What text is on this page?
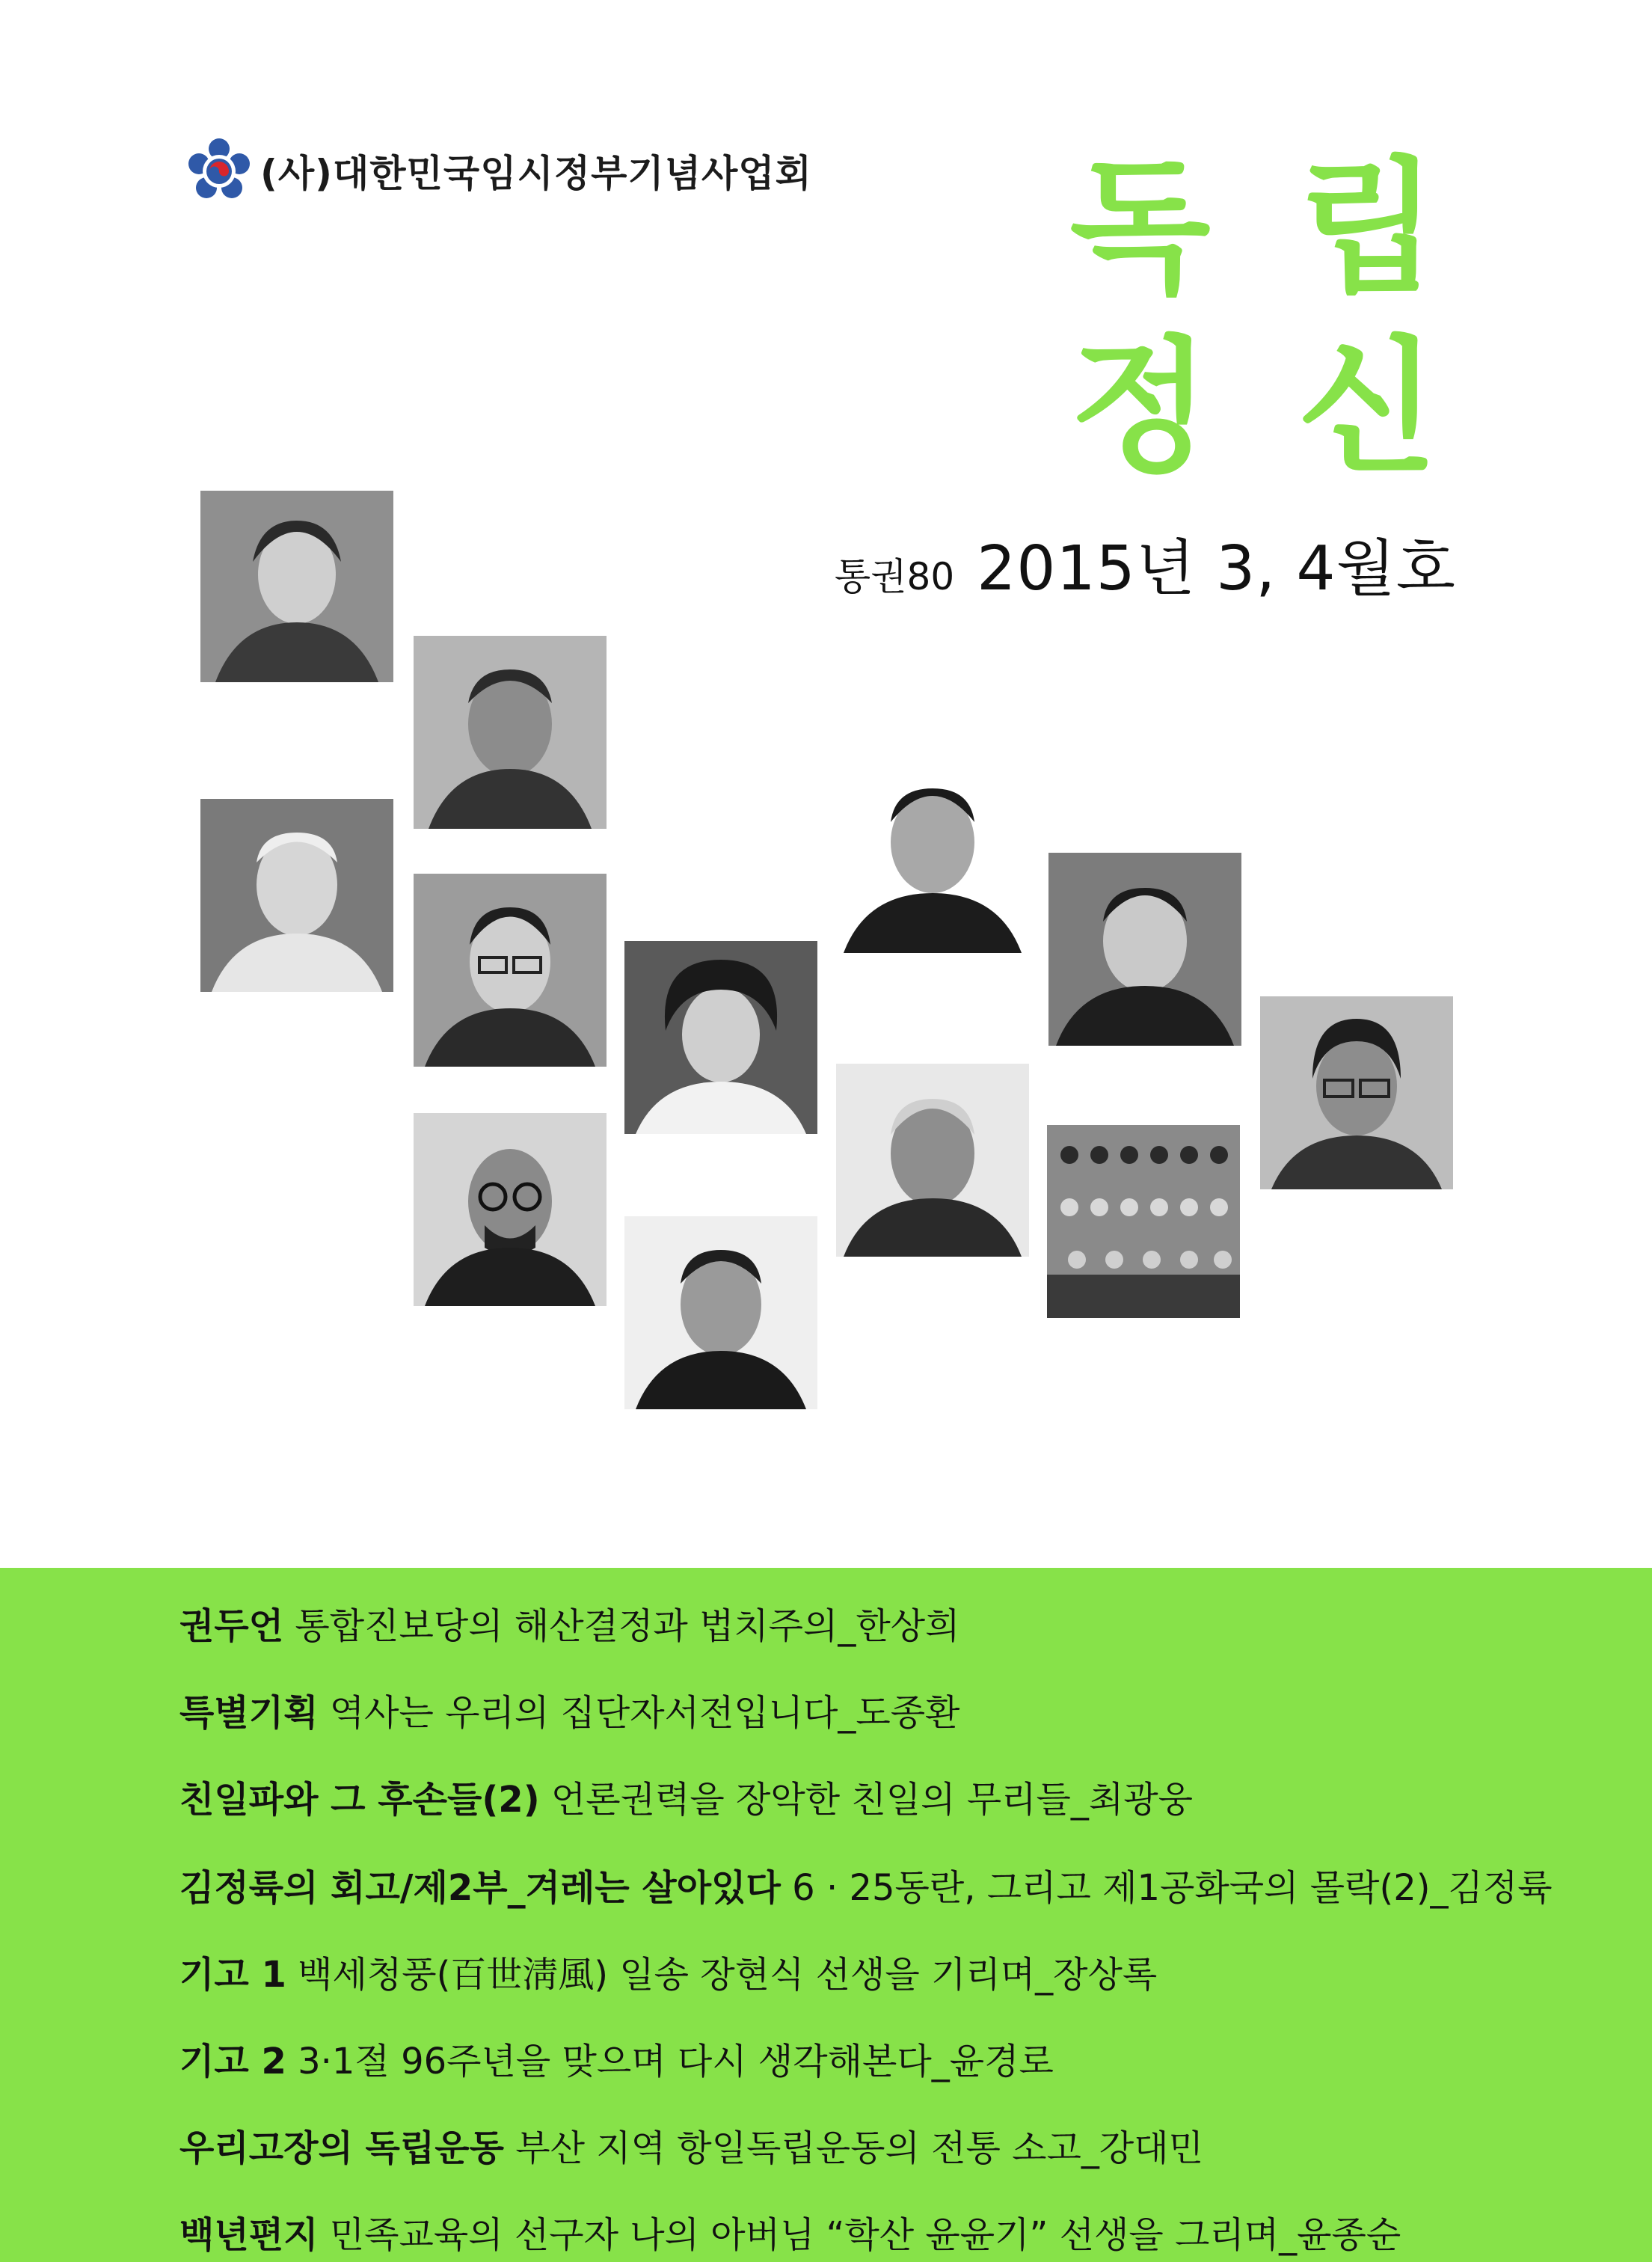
(사)대한민국임시정부기념사업회 독 립
정 신
통권80 2015년 3, 4월호
권두언 통합진보당의 해산결정과 법치주의_한상희
특별기획 역사는 우리의 집단자서전입니다_도종환
친일파와 그 후손들(2) 언론권력을 장악한 친일의 무리들_최광웅
김정륙의 회고/제2부_겨레는 살아있다 6 · 25동란, 그리고 제1공화국의 몰락(2)_김정륙
기고 1 백세청풍(百世淸風) 일송 장현식 선생을 기리며_장상록
기고 2 3·1절 96주년을 맞으며 다시 생각해본다_윤경로
우리고장의 독립운동 부산 지역 항일독립운동의 전통 소고_강대민
백년편지 민족교육의 선구자 나의 아버님 “학산 윤윤기” 선생을 그리며_윤종순
